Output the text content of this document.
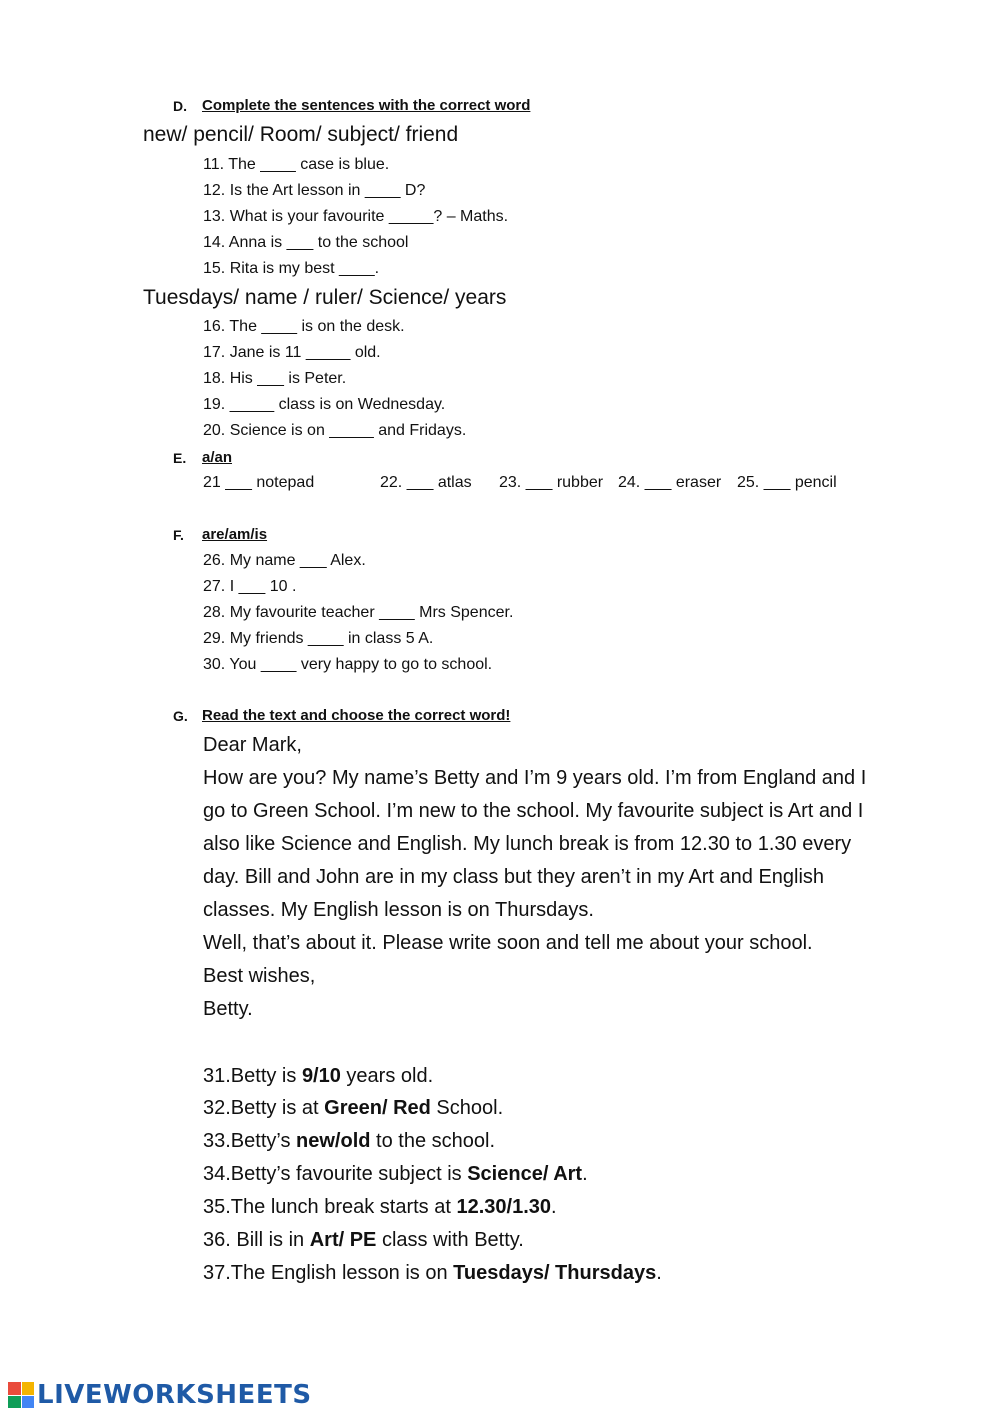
D. Complete the sentences with the correct word
new/ pencil/ Room/ subject/ friend
11. The ____ case is blue.
12. Is the Art lesson in ____ D?
13. What is your favourite _____? – Maths.
14. Anna is ___ to the school
15. Rita is my best ____.
Tuesdays/ name / ruler/ Science/ years
16. The ____ is on the desk.
17. Jane is 11 _____ old.
18. His ___ is Peter.
19. _____ class is on Wednesday.
20. Science is on _____ and Fridays.
E. a/an
21 ___ notepad	22. ___ atlas 23. ___ rubber 24. ___ eraser 25. ___ pencil
F. are/am/is
26. My name ___ Alex.
27. I ___ 10 .
28. My favourite teacher ____ Mrs Spencer.
29. My friends ____ in class 5 A.
30. You ____ very happy to go to school.
G. Read the text and choose the correct word!
Dear Mark,
How are you? My name’s Betty and I’m 9 years old. I’m from England and I
go to Green School. I’m new to the school. My favourite subject is Art and I
also like Science and English. My lunch break is from 12.30 to 1.30 every
day. Bill and John are in my class but they aren’t in my Art and English
classes. My English lesson is on Thursdays.
Well, that’s about it. Please write soon and tell me about your school.
Best wishes,
Betty.
31.Betty is 9/10 years old.
32.Betty is at Green/ Red School.
33.Betty’s new/old to the school.
34.Betty’s favourite subject is Science/ Art.
35.The lunch break starts at 12.30/1.30.
36. Bill is in Art/ PE class with Betty.
37.The English lesson is on Tuesdays/ Thursdays.
LIVEWORKSHEETS
